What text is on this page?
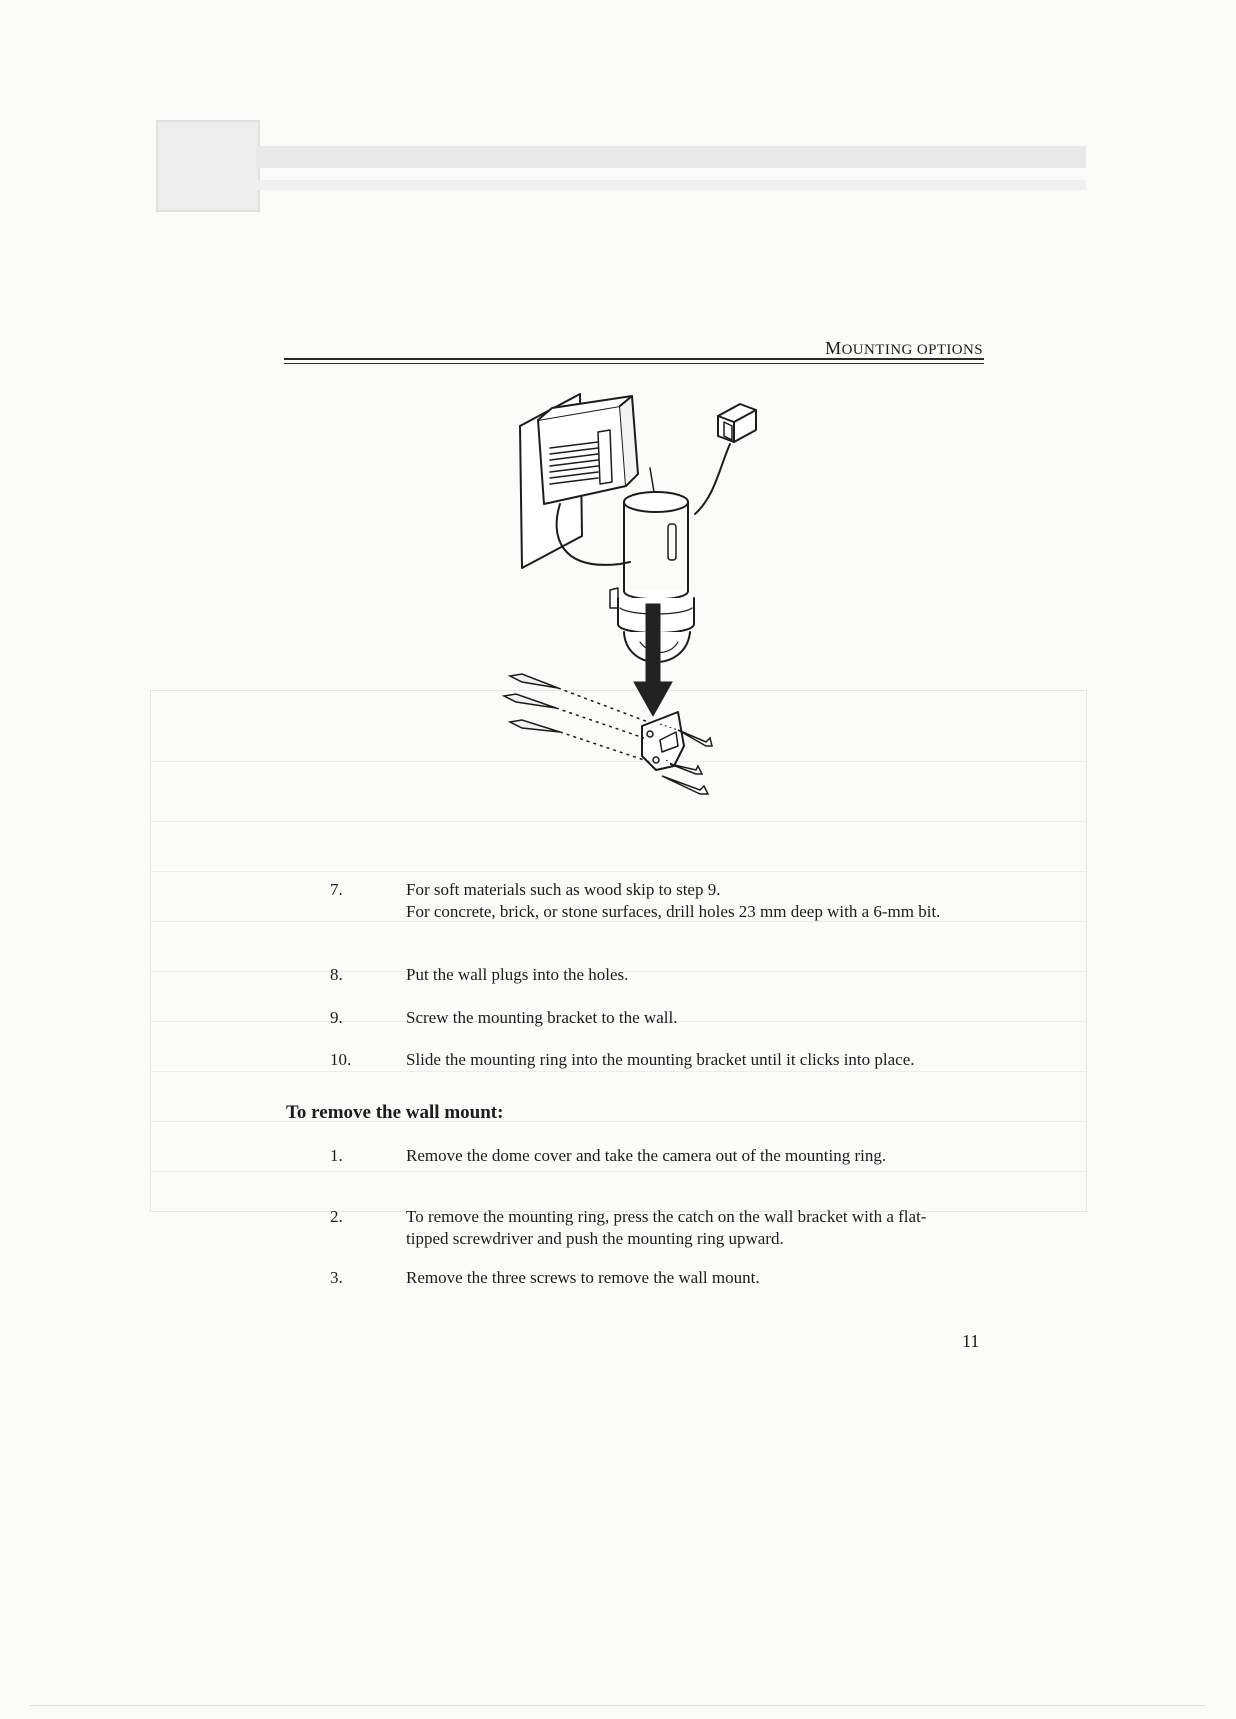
MOUNTING OPTIONS
7.	For soft materials such as wood skip to step 9.

For concrete, brick, or stone surfaces, drill holes 23 mm deep with a 6-mm bit.

8.	Put the wall plugs into the holes.

9.	Screw the mounting bracket to the wall.

10.	Slide the mounting ring into the mounting bracket until it clicks into place.

To remove the wall mount:
1.	Remove the dome cover and take the camera out of the mounting ring.

2.	To remove the mounting ring, press the catch on the wall bracket with a flat-tipped screwdriver and push the mounting ring upward.

3.	Remove the three screws to remove the wall mount.

11
